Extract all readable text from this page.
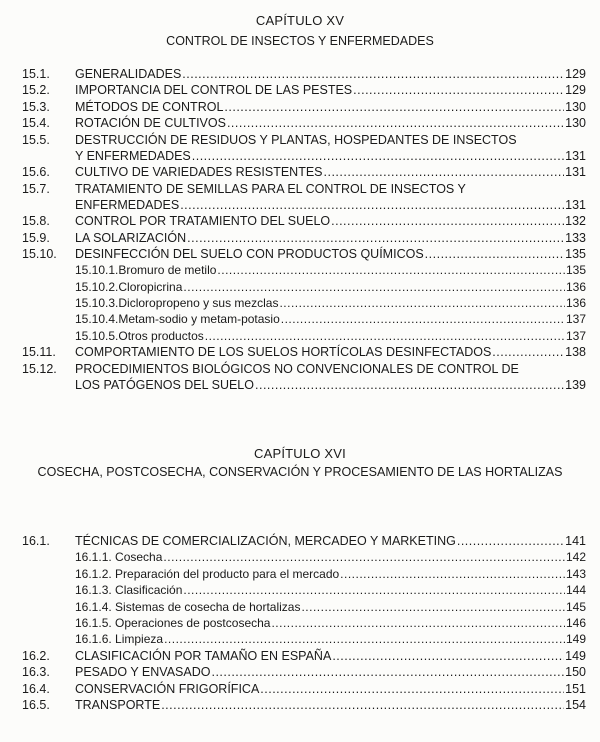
CAPÍTULO XV
CONTROL DE INSECTOS Y ENFERMEDADES
15.1. GENERALIDADES .....	129
15.2. IMPORTANCIA DEL CONTROL DE LAS PESTES .....	129
15.3. MÉTODOS DE CONTROL .....	130
15.4. ROTACIÓN DE CULTIVOS .....	130
15.5. DESTRUCCIÓN DE RESIDUOS Y PLANTAS, HOSPEDANTES DE INSECTOS
Y ENFERMEDADES .....	131
15.6. CULTIVO DE VARIEDADES RESISTENTES .....	131
15.7. TRATAMIENTO DE SEMILLAS PARA EL CONTROL DE INSECTOS Y
ENFERMEDADES .....	131
15.8. CONTROL POR TRATAMIENTO DEL SUELO .....	132
15.9. LA SOLARIZACIÓN .....	133
15.10. DESINFECCIÓN DEL SUELO CON PRODUCTOS QUÍMICOS .....	135
15.10.1.Bromuro de metilo .....	135
15.10.2.Cloropicrina .....	136
15.10.3.Dicloropropeno y sus mezclas .....	136
15.10.4.Metam-sodio y metam-potasio .....	137
15.10.5.Otros productos .....	137
15.11. COMPORTAMIENTO DE LOS SUELOS HORTÍCOLAS DESINFECTADOS .....	138
15.12. PROCEDIMIENTOS BIOLÓGICOS NO CONVENCIONALES DE CONTROL DE
LOS PATÓGENOS DEL SUELO .....	139
CAPÍTULO XVI
COSECHA, POSTCOSECHA, CONSERVACIÓN Y PROCESAMIENTO DE LAS HORTALIZAS
16.1. TÉCNICAS DE COMERCIALIZACIÓN, MERCADEO Y MARKETING .....	141
16.1.1. Cosecha .....	142
16.1.2. Preparación del producto para el mercado .....	143
16.1.3. Clasificación .....	144
16.1.4. Sistemas de cosecha de hortalizas .....	145
16.1.5. Operaciones de postcosecha .....	146
16.1.6. Limpieza .....	149
16.2. CLASIFICACIÓN POR TAMAÑO EN ESPAÑA .....	149
16.3. PESADO Y ENVASADO .....	150
16.4. CONSERVACIÓN FRIGORÍFICA .....	151
16.5. TRANSPORTE .....	154
